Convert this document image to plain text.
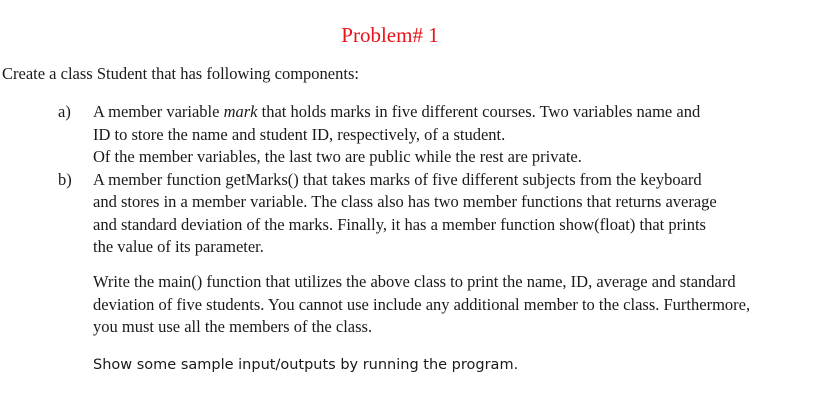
Problem# 1
Create a class Student that has following components:
a) A member variable mark that holds marks in five different courses. Two variables name and
ID to store the name and student ID, respectively, of a student.
Of the member variables, the last two are public while the rest are private.
b) A member function getMarks() that takes marks of five different subjects from the keyboard
and stores in a member variable. The class also has two member functions that returns average
and standard deviation of the marks. Finally, it has a member function show(float) that prints
the value of its parameter.
Write the main() function that utilizes the above class to print the name, ID, average and standard
deviation of five students. You cannot use include any additional member to the class. Furthermore,
you must use all the members of the class.
Show some sample input/outputs by running the program.
